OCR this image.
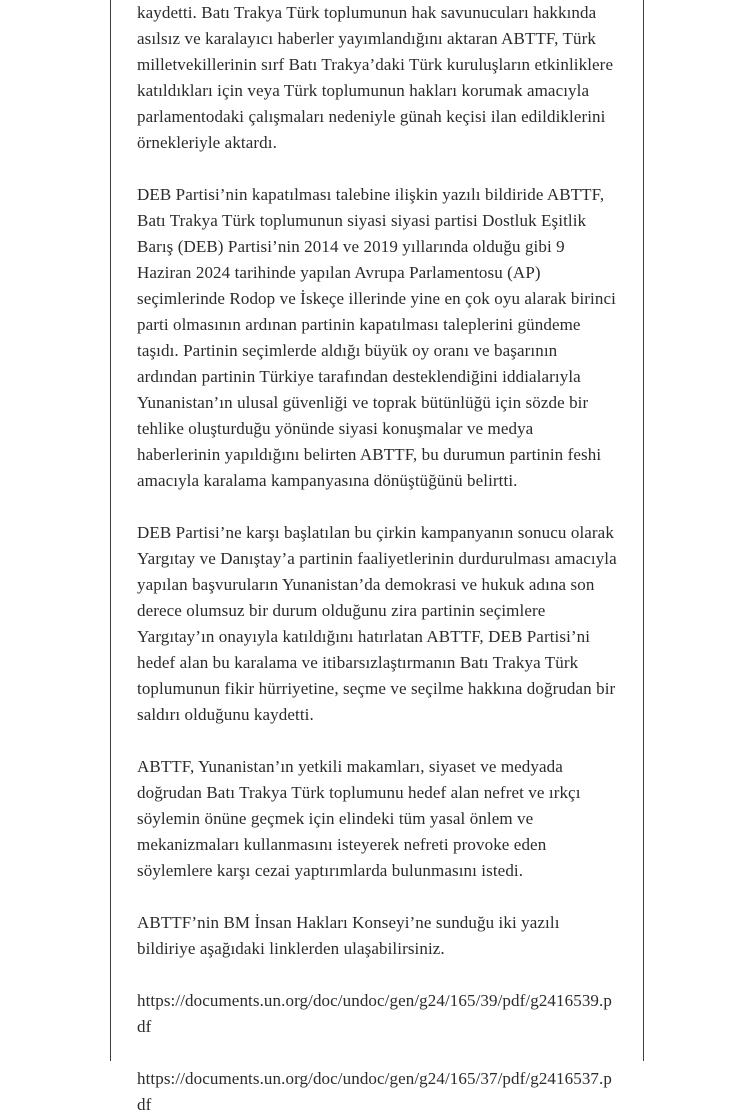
kaydetti. Batı Trakya Türk toplumunun hak savunucuları hakkında asılsız ve karalayıcı haberler yayımlandığını aktaran ABTTF, Türk milletvekillerinin sırf Batı Trakya’daki Türk kuruluşların etkinliklere katıldıkları için veya Türk toplumunun hakları korumak amacıyla parlamentodaki çalışmaları nedeniyle günah keçisi ilan edildiklerini örnekleriyle aktardı.

DEB Partisi’nin kapatılması talebine ilişkin yazılı bildiride ABTTF, Batı Trakya Türk toplumunun siyasi siyasi partisi Dostluk Eşitlik Barış (DEB) Partisi’nin 2014 ve 2019 yıllarında olduğu gibi 9 Haziran 2024 tarihinde yapılan Avrupa Parlamentosu (AP) seçimlerinde Rodop ve İskeçe illerinde yine en çok oyu alarak birinci parti olmasının ardınan partinin kapatılması taleplerini gündeme taşıdı. Partinin seçimlerde aldığı büyük oy oranı ve başarının ardından partinin Türkiye tarafından desteklendiğini iddialarıyla Yunanistan’ın ulusal güvenliği ve toprak bütünlüğü için sözde bir tehlike oluşturduğu yönünde siyasi konuşmalar ve medya haberlerinin yapıldığını belirten ABTTF, bu durumun partinin feshi amacıyla karalama kampanyasına dönüştüğünü belirtti.

DEB Partisi’ne karşı başlatılan bu çirkin kampanyanın sonucu olarak Yargıtay ve Danıştay’a partinin faaliyetlerinin durdurulması amacıyla yapılan başvuruların Yunanistan’da demokrasi ve hukuk adına son derece olumsuz bir durum olduğunu zira partinin seçimlere Yargıtay’ın onayıyla katıldığını hatırlatan ABTTF, DEB Partisi’ni hedef alan bu karalama ve itibarsızlaştırmanın Batı Trakya Türk toplumunun fikir hürriyetine, seçme ve seçilme hakkına doğrudan bir saldırı olduğunu kaydetti.

ABTTF, Yunanistan’ın yetkili makamları, siyaset ve medyada doğrudan Batı Trakya Türk toplumunu hedef alan nefret ve ırkçı söylemin önüne geçmek için elindeki tüm yasal önlem ve mekanizmaları kullanmasını isteyerek nefreti provoke eden söylemlere karşı cezai yaptırımlarda bulunmasını istedi.

ABTTF’nin BM İnsan Hakları Konseyi’ne sunduğu iki yazılı bildiriye aşağıdaki linklerden ulaşabilirsiniz.

https://documents.un.org/doc/undoc/gen/g24/165/39/pdf/g2416539.pdf

https://documents.un.org/doc/undoc/gen/g24/165/37/pdf/g2416537.pdf
